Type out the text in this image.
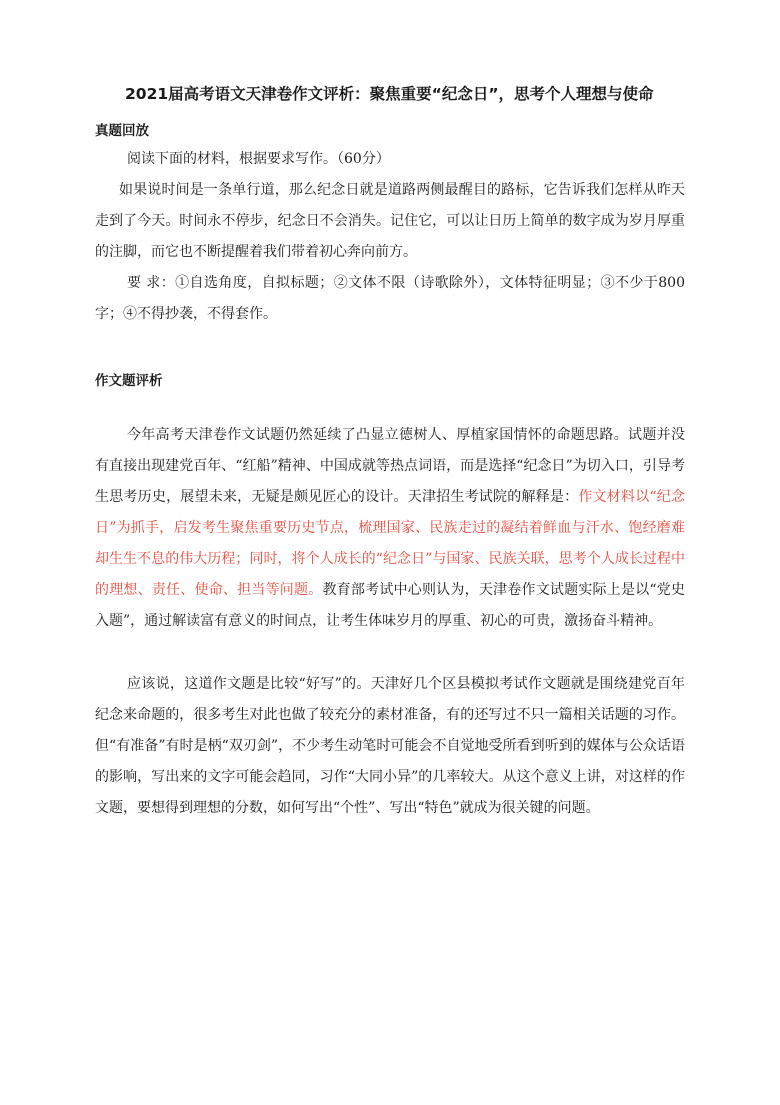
2021届高考语文天津卷作文评析：聚焦重要“纪念日”，思考个人理想与使命

真题回放

阅读下面的材料，根据要求写作。（60分）

如果说时间是一条单行道，那么纪念日就是道路两侧最醒目的路标，它告诉我们怎样从昨天走到了今天。时间永不停步，纪念日不会消失。记住它，可以让日历上简单的数字成为岁月厚重的注脚，而它也不断提醒着我们带着初心奔向前方。

要 求：①自选角度，自拟标题；②文体不限（诗歌除外），文体特征明显；③不少于800字；④不得抄袭，不得套作。

作文题评析

今年高考天津卷作文试题仍然延续了凸显立德树人、厚植家国情怀的命题思路。试题并没有直接出现建党百年、“红船”精神、中国成就等热点词语，而是选择“纪念日”为切入口，引导考生思考历史，展望未来，无疑是颇见匠心的设计。天津招生考试院的解释是：作文材料以“纪念日”为抓手，启发考生聚焦重要历史节点，梳理国家、民族走过的凝结着鲜血与汗水、饱经磨难却生生不息的伟大历程；同时，将个人成长的“纪念日”与国家、民族关联，思考个人成长过程中的理想、责任、使命、担当等问题。教育部考试中心则认为，天津卷作文试题实际上是以“党史入题”，通过解读富有意义的时间点，让考生体味岁月的厚重、初心的可贵，激扬奋斗精神。

应该说，这道作文题是比较“好写”的。天津好几个区县模拟考试作文题就是围绕建党百年纪念来命题的，很多考生对此也做了较充分的素材准备，有的还写过不只一篇相关话题的习作。但“有准备”有时是柄“双刃剑”，不少考生动笔时可能会不自觉地受所看到听到的媒体与公众话语的影响，写出来的文字可能会趋同，习作“大同小异”的几率较大。从这个意义上讲，对这样的作文题，要想得到理想的分数，如何写出“个性”、写出“特色”就成为很关键的问题。
